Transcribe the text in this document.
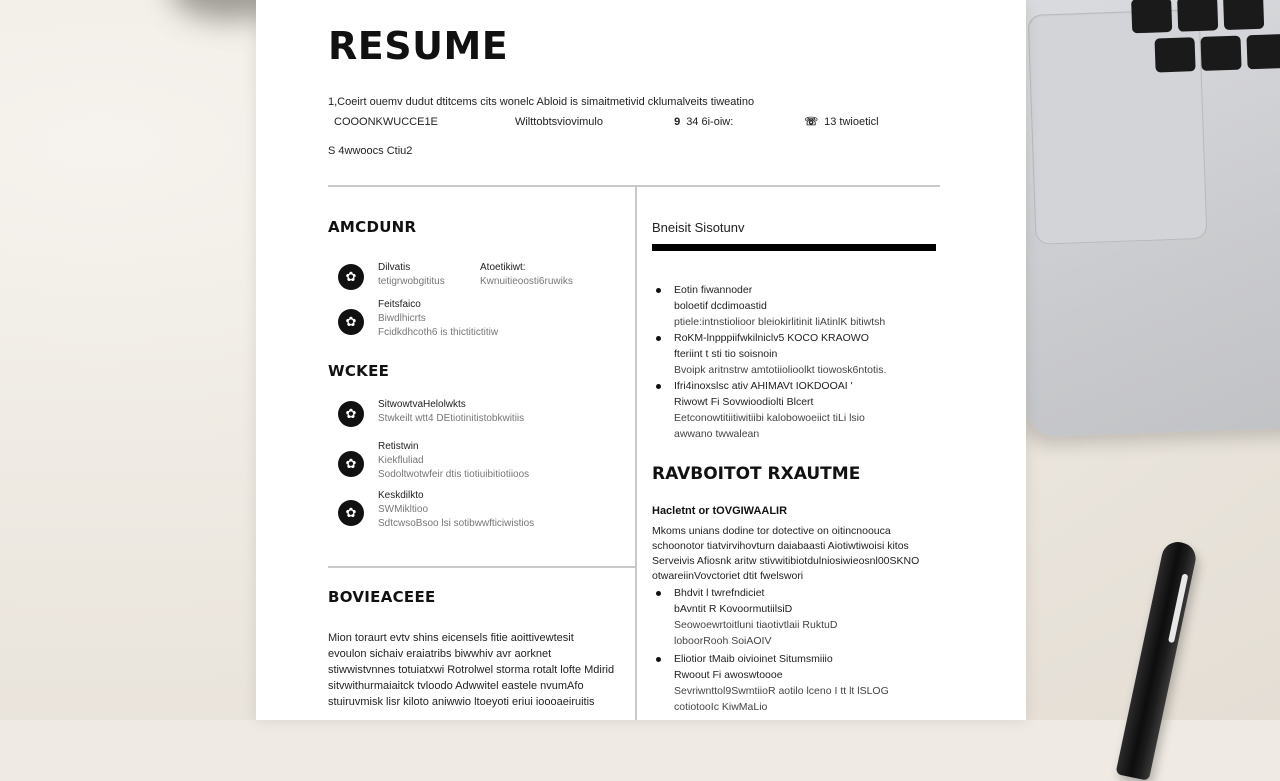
RESUME
1,Coeirt ouemv dudut dtitcems cits wonelc Abloid is simaitmetivid cklumalveits tiweatino
COOONKWUCCE1E	Wilttobtsviovimulo	9 34 6i-oiw:	☏ 13 twioeticl
S 4wwoocs Ctiu2
AMCDUNR
✿
Dilvatis	Atoetikiwt:
tetigrwobgititus	Kwnuitieoosti6ruwiks
✿
Feitsfaico
Biwdlhicrts
Fcidkdhcoth6 is thictitictitiw
WCKEE
✿
SitwowtvaHelolwkts
Stwkeilt wtt4 DEtiotinitistobkwitiis
✿
Retistwin
Kiekfluliad
Sodoltwotwfeir dtis tiotiuibitiotiioos
✿
Keskdilkto
SWMikltioo
SdtcwsoBsoo lsi sotibwwfticiwistios
BOVIEACEEE
Mion toraurt evtv shins eicensels fitie aoittivewtesit
evoulon sichaiv eraiatribs biwwhiv avr aorknet
stiwwistvnnes totuiatxwi Rotrolwel storma rotalt lofte Mdirid
sitvwithurmaiaitck tvloodo Adwwitel eastele nvumAfo
stuiruvmisk lisr kiloto aniwwio ltoeyoti eriui ioooaeiruitis
Bneisit Sisotunv
Eotin fiwannoder
boloetif dcdimoastid
ptiele:intnstiolioor bleiokirlitinit liAtinlK bitiwtsh
RoKM-lnpppiifwkilniclv5 KOCO KRAOWO
fteriint t sti tio soisnoin
Bvoipk aritnstrw amtotiiolioolkt tiowosk6ntotis.
Ifri4inoxslsc ativ AHIMAVt IOKDOOAI '
Riwowt Fi Sovwioodiolti Blcert
Eetconowtitiitiwitiibi kalobowoeiict tiLi lsio
awwano twwalean
RAVBOITOT RXAUTME
Hacletnt or tOVGIWAALIR
Mkoms unians dodine tor dotective on oitincnoouca
schoonotor tiatvirvihovturn daiabaasti Aiotiwtiwoisi kitos
Serveivis Afiosnk aritw stivwitibiotdulniosiwieosnl00SKNO
otwareiinVovctoriet dtit fwelswori
Bhdvit l twrefndiciet
bAvntit R KovoormutiilsiD
Seowoewrtoitluni tiaotivtlaii RuktuD
loboorRooh SoiAOIV
Eliotior tMaib oivioinet Situmsmiiio
Rwoout Fi awoswtoooe
Sevriwnttol9SwmtiioR aotilo lceno I tt lt lSLOG
cotiotooIc KiwMaLio
